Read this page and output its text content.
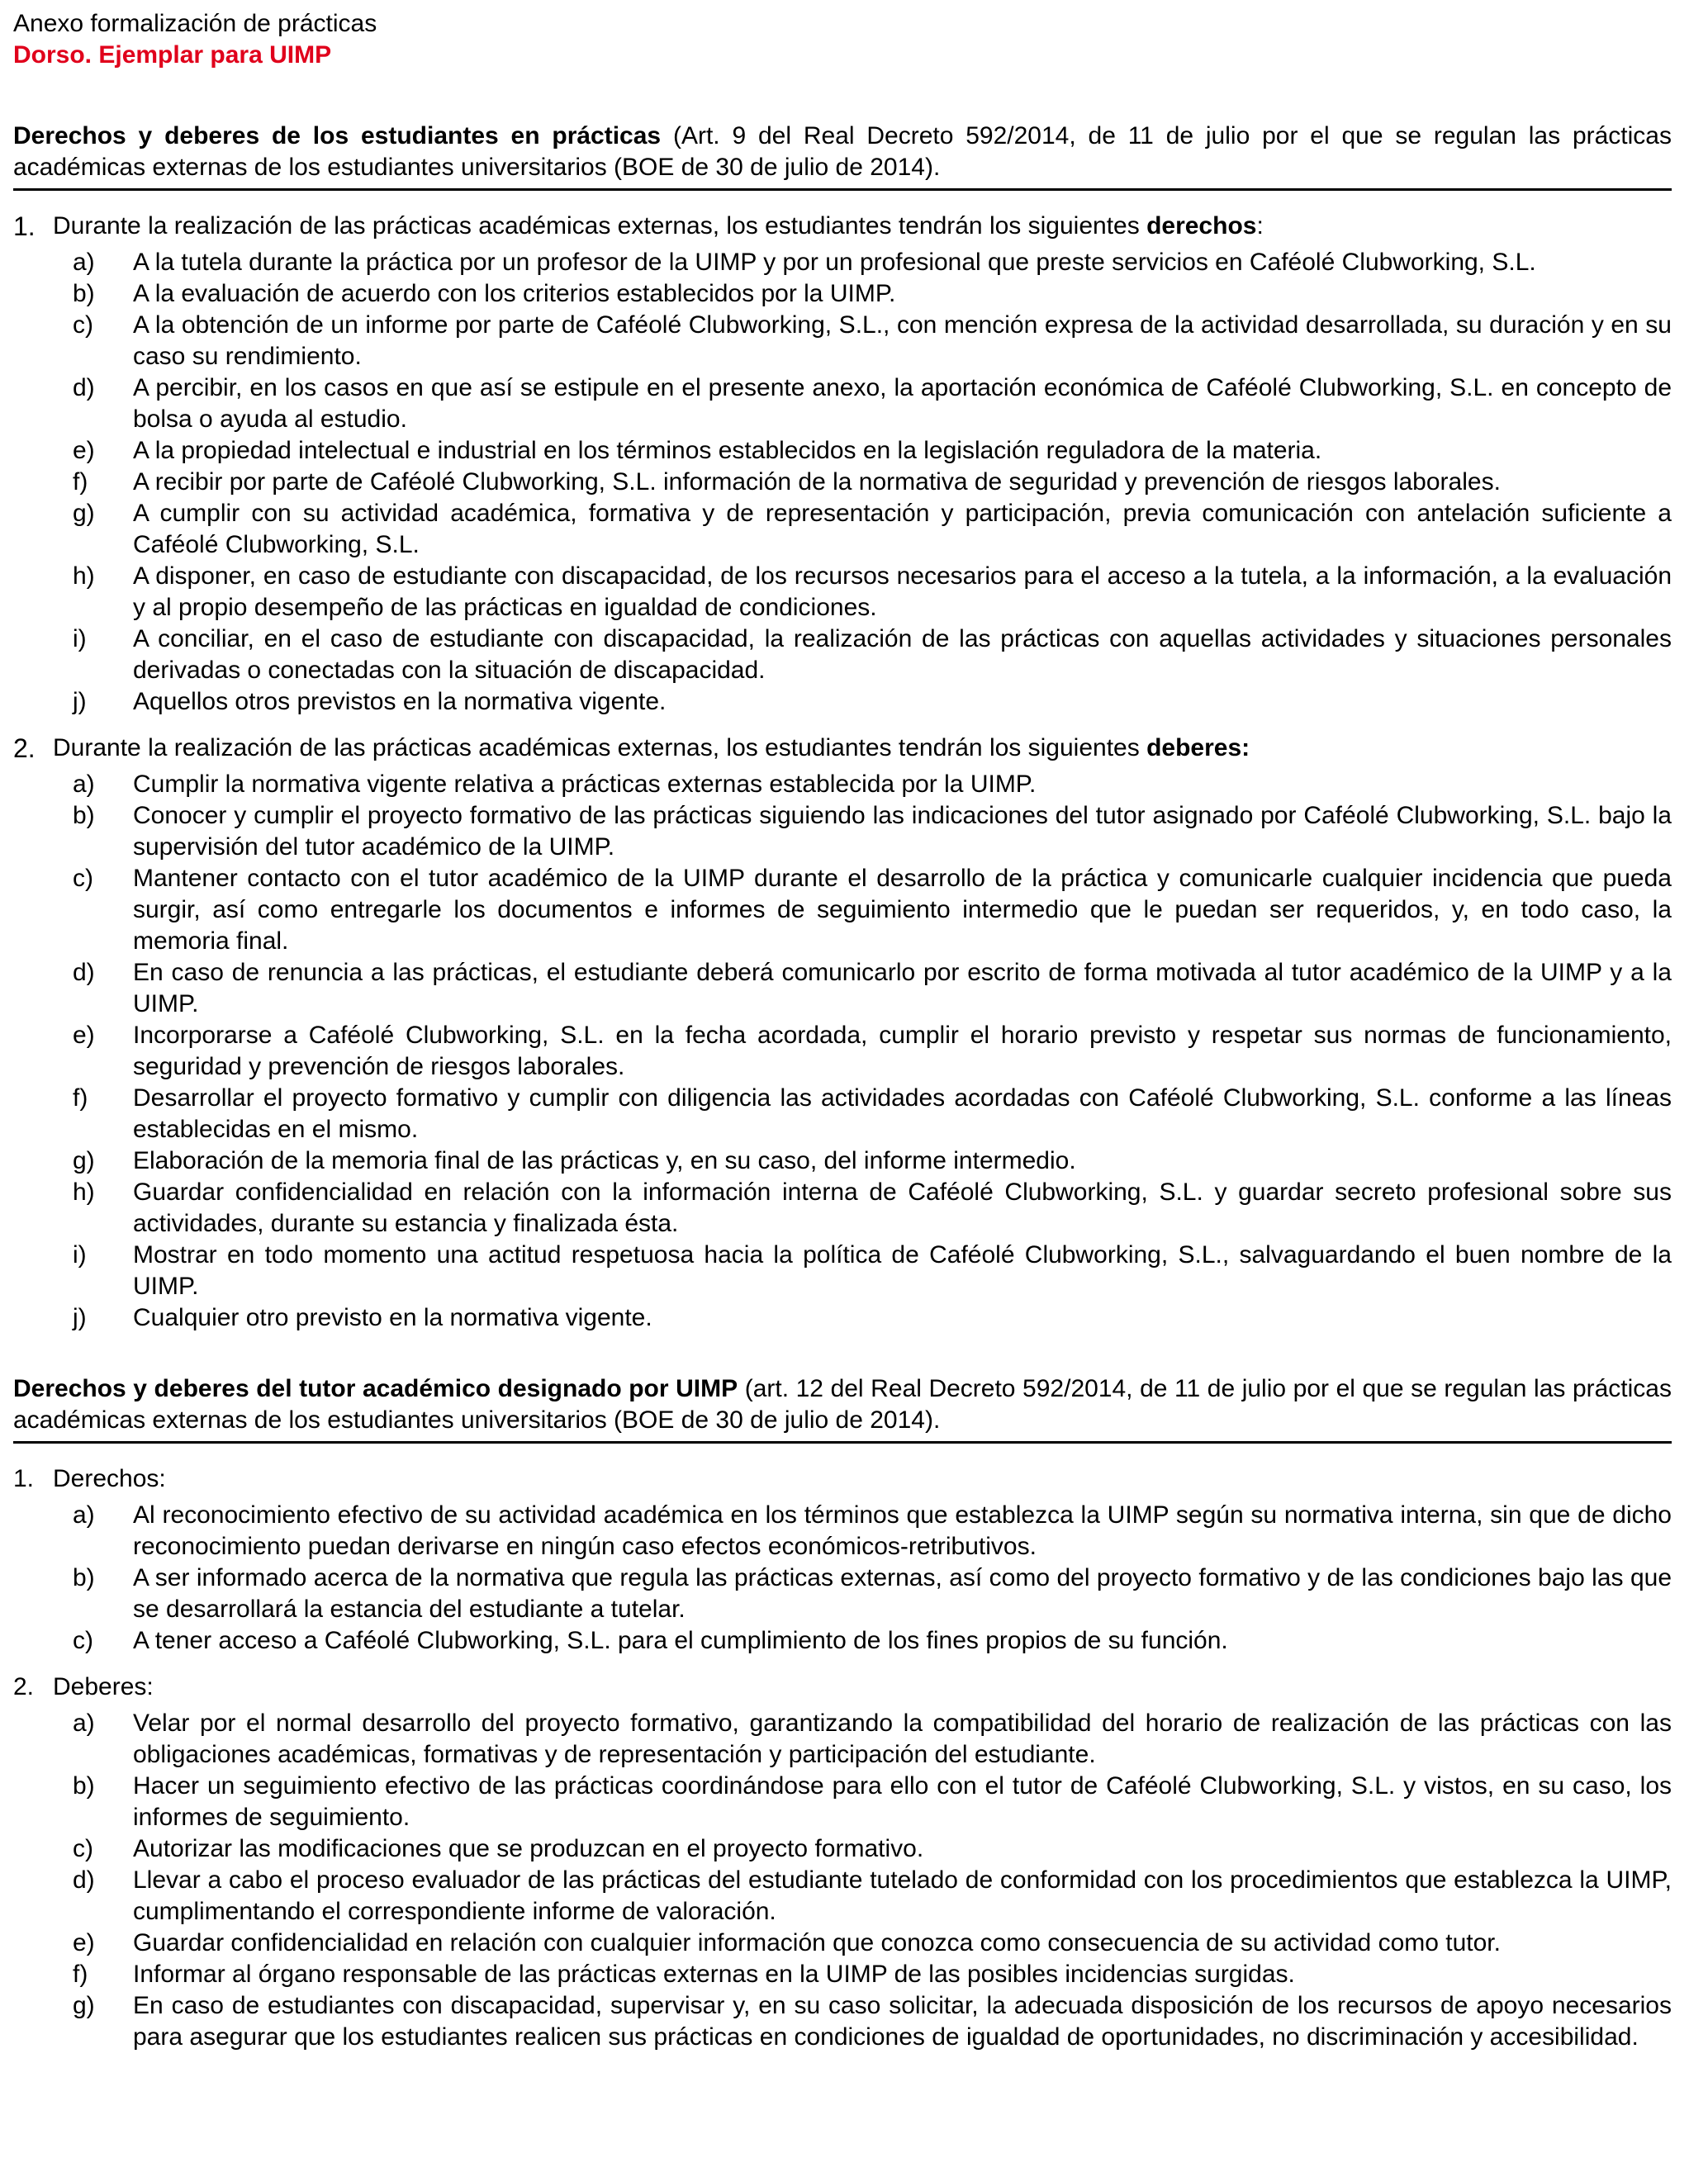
Anexo formalización de prácticas

Dorso. Ejemplar para UIMP

Derechos y deberes de los estudiantes en prácticas (Art. 9 del Real Decreto 592/2014, de 11 de julio por el que se regulan las prácticas académicas externas de los estudiantes universitarios (BOE de 30 de julio de 2014).

1. Durante la realización de las prácticas académicas externas, los estudiantes tendrán los siguientes derechos:
a)	A la tutela durante la práctica por un profesor de la UIMP y por un profesional que preste servicios en Caféolé Clubworking, S.L.
b)	A la evaluación de acuerdo con los criterios establecidos por la UIMP.
c)	A la obtención de un informe por parte de Caféolé Clubworking, S.L., con mención expresa de la actividad desarrollada, su duración y en su caso su rendimiento.
d)	A percibir, en los casos en que así se estipule en el presente anexo, la aportación económica de Caféolé Clubworking, S.L. en concepto de bolsa o ayuda al estudio.
e)	A la propiedad intelectual e industrial en los términos establecidos en la legislación reguladora de la materia.
f)	A recibir por parte de Caféolé Clubworking, S.L. información de la normativa de seguridad y prevención de riesgos laborales.
g)	A cumplir con su actividad académica, formativa y de representación y participación, previa comunicación con antelación suficiente a Caféolé Clubworking, S.L.
h)	A disponer, en caso de estudiante con discapacidad, de los recursos necesarios para el acceso a la tutela, a la información, a la evaluación y al propio desempeño de las prácticas en igualdad de condiciones.
i)	A conciliar, en el caso de estudiante con discapacidad, la realización de las prácticas con aquellas actividades y situaciones personales derivadas o conectadas con la situación de discapacidad.
j)	Aquellos otros previstos en la normativa vigente.
2. Durante la realización de las prácticas académicas externas, los estudiantes tendrán los siguientes deberes:
a)	Cumplir la normativa vigente relativa a prácticas externas establecida por la UIMP.
b)	Conocer y cumplir el proyecto formativo de las prácticas siguiendo las indicaciones del tutor asignado por Caféolé Clubworking, S.L. bajo la supervisión del tutor académico de la UIMP.
c)	Mantener contacto con el tutor académico de la UIMP durante el desarrollo de la práctica y comunicarle cualquier incidencia que pueda surgir, así como entregarle los documentos e informes de seguimiento intermedio que le puedan ser requeridos, y, en todo caso, la memoria final.
d)	En caso de renuncia a las prácticas, el estudiante deberá comunicarlo por escrito de forma motivada al tutor académico de la UIMP y a la UIMP.
e)	Incorporarse a Caféolé Clubworking, S.L. en la fecha acordada, cumplir el horario previsto y respetar sus normas de funcionamiento, seguridad y prevención de riesgos laborales.
f)	Desarrollar el proyecto formativo y cumplir con diligencia las actividades acordadas con Caféolé Clubworking, S.L. conforme a las líneas establecidas en el mismo.
g)	Elaboración de la memoria final de las prácticas y, en su caso, del informe intermedio.
h)	Guardar confidencialidad en relación con la información interna de Caféolé Clubworking, S.L. y guardar secreto profesional sobre sus actividades, durante su estancia y finalizada ésta.
i)	Mostrar en todo momento una actitud respetuosa hacia la política de Caféolé Clubworking, S.L., salvaguardando el buen nombre de la UIMP.
j)	Cualquier otro previsto en la normativa vigente.

Derechos y deberes del tutor académico designado por UIMP (art. 12 del Real Decreto 592/2014, de 11 de julio por el que se regulan las prácticas académicas externas de los estudiantes universitarios (BOE de 30 de julio de 2014).

1. Derechos:
a)	Al reconocimiento efectivo de su actividad académica en los términos que establezca la UIMP según su normativa interna, sin que de dicho reconocimiento puedan derivarse en ningún caso efectos económicos-retributivos.
b)	A ser informado acerca de la normativa que regula las prácticas externas, así como del proyecto formativo y de las condiciones bajo las que se desarrollará la estancia del estudiante a tutelar.
c)	A tener acceso a Caféolé Clubworking, S.L. para el cumplimiento de los fines propios de su función.
2. Deberes:
a)	Velar por el normal desarrollo del proyecto formativo, garantizando la compatibilidad del horario de realización de las prácticas con las obligaciones académicas, formativas y de representación y participación del estudiante.
b)	Hacer un seguimiento efectivo de las prácticas coordinándose para ello con el tutor de Caféolé Clubworking, S.L. y vistos, en su caso, los informes de seguimiento.
c)	Autorizar las modificaciones que se produzcan en el proyecto formativo.
d)	Llevar a cabo el proceso evaluador de las prácticas del estudiante tutelado de conformidad con los procedimientos que establezca la UIMP, cumplimentando el correspondiente informe de valoración.
e)	Guardar confidencialidad en relación con cualquier información que conozca como consecuencia de su actividad como tutor.
f)	Informar al órgano responsable de las prácticas externas en la UIMP de las posibles incidencias surgidas.
g)	En caso de estudiantes con discapacidad, supervisar y, en su caso solicitar, la adecuada disposición de los recursos de apoyo necesarios para asegurar que los estudiantes realicen sus prácticas en condiciones de igualdad de oportunidades, no discriminación y accesibilidad.
